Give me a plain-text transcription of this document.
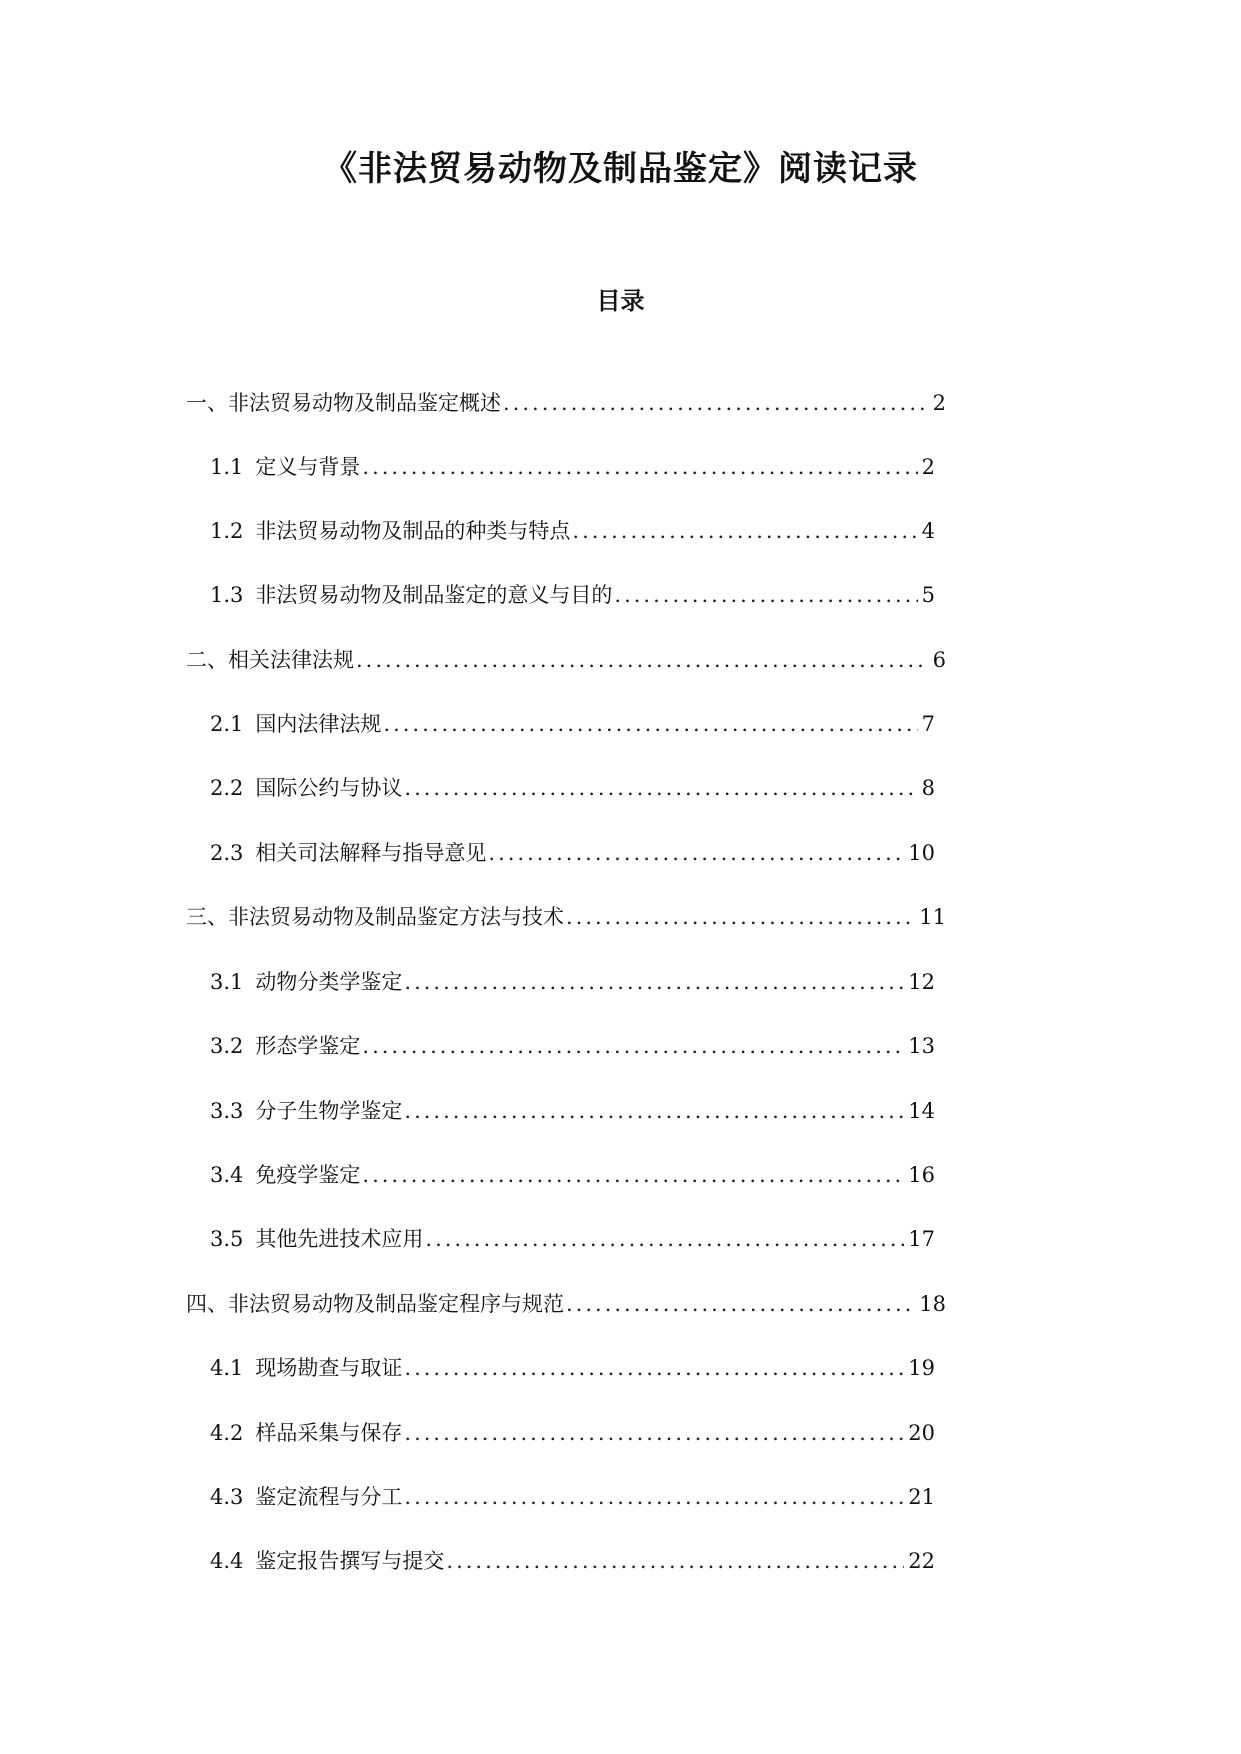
《非法贸易动物及制品鉴定》阅读记录
目录
一、 非法贸易动物及制品鉴定概述 .....	2
1.1 定义与背景 .....	2
1.2 非法贸易动物及制品的种类与特点 .....	4
1.3 非法贸易动物及制品鉴定的意义与目的 .....	5
二、 相关法律法规 .....	6
2.1 国内法律法规 .....	7
2.2 国际公约与协议 .....	8
2.3 相关司法解释与指导意见 .....	10
三、 非法贸易动物及制品鉴定方法与技术 .....	11
3.1 动物分类学鉴定 .....	12
3.2 形态学鉴定 .....	13
3.3 分子生物学鉴定 .....	14
3.4 免疫学鉴定 .....	16
3.5 其他先进技术应用 .....	17
四、 非法贸易动物及制品鉴定程序与规范 .....	18
4.1 现场勘查与取证 .....	19
4.2 样品采集与保存 .....	20
4.3 鉴定流程与分工 .....	21
4.4 鉴定报告撰写与提交 .....	22
